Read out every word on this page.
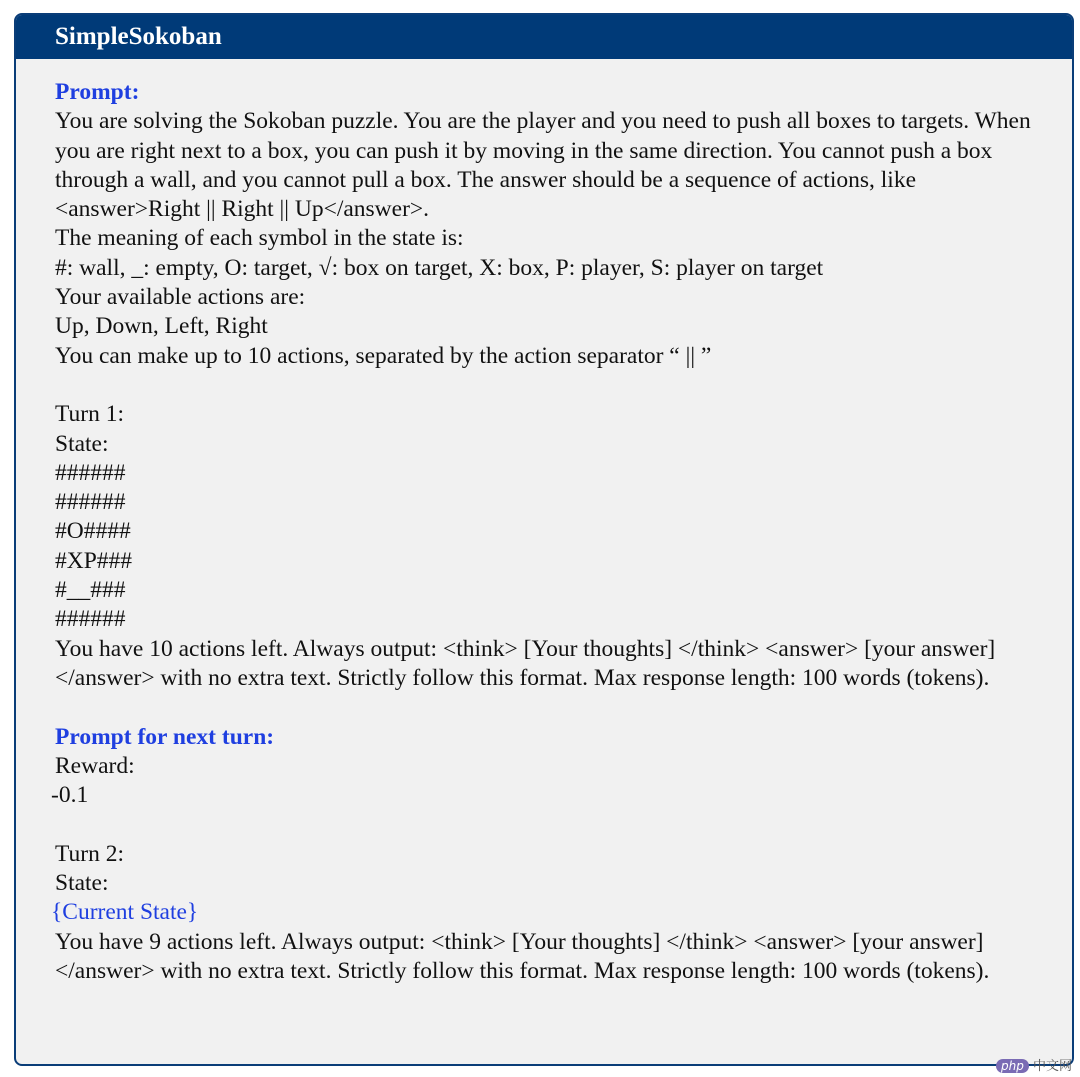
SimpleSokoban
Prompt:
You are solving the Sokoban puzzle. You are the player and you need to push all boxes to targets. When you are right next to a box, you can push it by moving in the same direction. You cannot push a box through a wall, and you cannot pull a box. The answer should be a sequence of actions, like <answer>Right || Right || Up</answer>.
The meaning of each symbol in the state is:
#: wall, _: empty, O: target, √: box on target, X: box, P: player, S: player on target
Your available actions are:
Up, Down, Left, Right
You can make up to 10 actions, separated by the action separator “ || ”
Turn 1:
State:
######
######
#O####
#XP###
#__###
######
You have 10 actions left. Always output: <think> [Your thoughts] </think> <answer> [your answer] </answer> with no extra text. Strictly follow this format. Max response length: 100 words (tokens).
Prompt for next turn:
Reward:
-0.1
Turn 2:
State:
{Current State}
You have 9 actions left. Always output: <think> [Your thoughts] </think> <answer> [your answer] </answer> with no extra text. Strictly follow this format. Max response length: 100 words (tokens).
php 中文网
